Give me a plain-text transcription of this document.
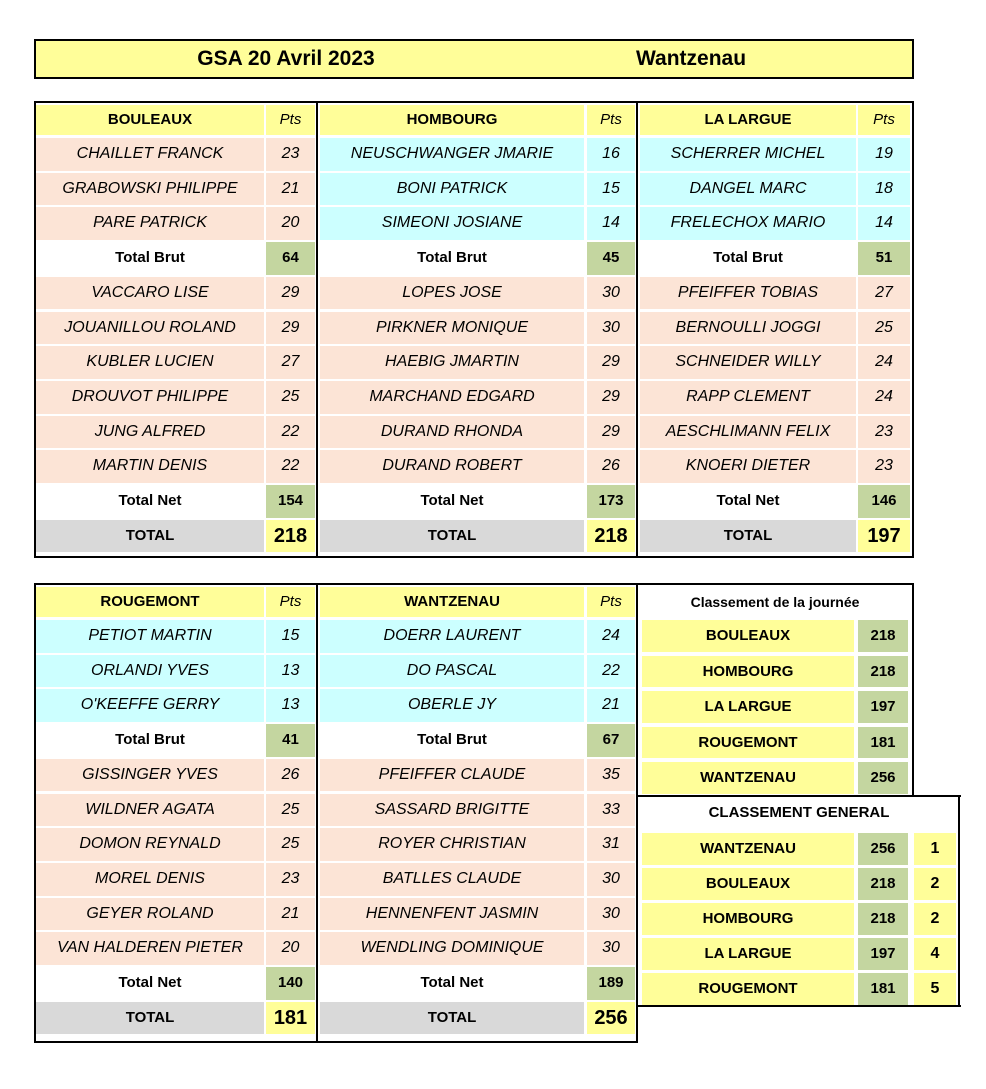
GSA 20 Avril 2023	Wantzenau
BOULEAUX	Pts
CHAILLET FRANCK	23
GRABOWSKI PHILIPPE	21
PARE PATRICK	20
Total Brut	64
VACCARO LISE	29
JOUANILLOU ROLAND	29
KUBLER LUCIEN	27
DROUVOT PHILIPPE	25
JUNG ALFRED	22
MARTIN DENIS	22
Total Net	154
TOTAL	218
HOMBOURG	Pts
NEUSCHWANGER JMARIE	16
BONI PATRICK	15
SIMEONI JOSIANE	14
Total Brut	45
LOPES JOSE	30
PIRKNER MONIQUE	30
HAEBIG JMARTIN	29
MARCHAND EDGARD	29
DURAND RHONDA	29
DURAND ROBERT	26
Total Net	173
TOTAL	218
LA LARGUE	Pts
SCHERRER MICHEL	19
DANGEL MARC	18
FRELECHOX MARIO	14
Total Brut	51
PFEIFFER TOBIAS	27
BERNOULLI JOGGI	25
SCHNEIDER WILLY	24
RAPP CLEMENT	24
AESCHLIMANN FELIX	23
KNOERI DIETER	23
Total Net	146
TOTAL	197
ROUGEMONT	Pts
PETIOT MARTIN	15
ORLANDI YVES	13
O'KEEFFE GERRY	13
Total Brut	41
GISSINGER YVES	26
WILDNER AGATA	25
DOMON REYNALD	25
MOREL DENIS	23
GEYER ROLAND	21
VAN HALDEREN PIETER	20
Total Net	140
TOTAL	181
WANTZENAU	Pts
DOERR LAURENT	24
DO PASCAL	22
OBERLE JY	21
Total Brut	67
PFEIFFER CLAUDE	35
SASSARD BRIGITTE	33
ROYER CHRISTIAN	31
BATLLES CLAUDE	30
HENNENFENT JASMIN	30
WENDLING DOMINIQUE	30
Total Net	189
TOTAL	256
Classement de la journée
BOULEAUX	218
HOMBOURG	218
LA LARGUE	197
ROUGEMONT	181
WANTZENAU	256
CLASSEMENT GENERAL
WANTZENAU	256	1
BOULEAUX	218	2
HOMBOURG	218	2
LA LARGUE	197	4
ROUGEMONT	181	5
